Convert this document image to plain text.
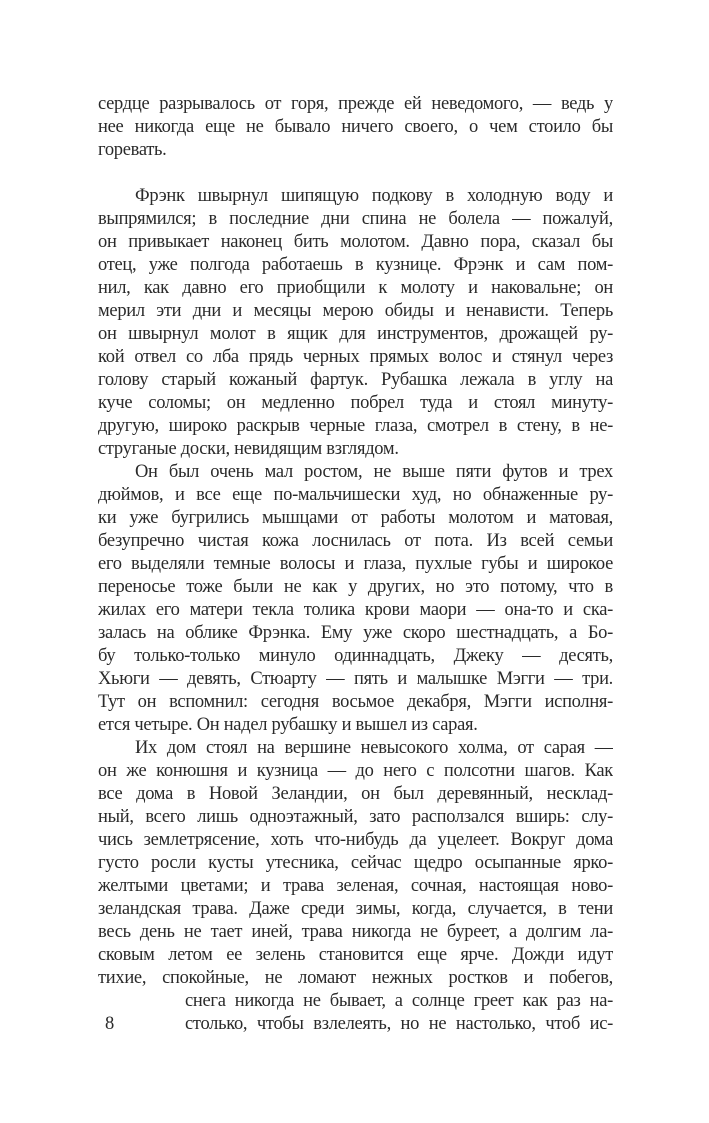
сердце разрывалось от горя, прежде ей неведомого, — ведь у
нее никогда еще не бывало ничего своего, о чем стоило бы
горевать.
Фрэнк швырнул шипящую подкову в холодную воду и
выпрямился; в последние дни спина не болела — пожалуй,
он привыкает наконец бить молотом. Давно пора, сказал бы
отец, уже полгода работаешь в кузнице. Фрэнк и сам пом-
нил, как давно его приобщили к молоту и наковальне; он
мерил эти дни и месяцы мерою обиды и ненависти. Теперь
он швырнул молот в ящик для инструментов, дрожащей ру-
кой отвел со лба прядь черных прямых волос и стянул через
голову старый кожаный фартук. Рубашка лежала в углу на
куче соломы; он медленно побрел туда и стоял минуту-
другую, широко раскрыв черные глаза, смотрел в стену, в не-
струганые доски, невидящим взглядом.
Он был очень мал ростом, не выше пяти футов и трех
дюймов, и все еще по-мальчишески худ, но обнаженные ру-
ки уже бугрились мышцами от работы молотом и матовая,
безупречно чистая кожа лоснилась от пота. Из всей семьи
его выделяли темные волосы и глаза, пухлые губы и широкое
переносье тоже были не как у других, но это потому, что в
жилах его матери текла толика крови маори — она-то и ска-
залась на облике Фрэнка. Ему уже скоро шестнадцать, а Бо-
бу только-только минуло одиннадцать, Джеку — десять,
Хьюги — девять, Стюарту — пять и малышке Мэгги — три.
Тут он вспомнил: сегодня восьмое декабря, Мэгги исполня-
ется четыре. Он надел рубашку и вышел из сарая.
Их дом стоял на вершине невысокого холма, от сарая —
он же конюшня и кузница — до него с полсотни шагов. Как
все дома в Новой Зеландии, он был деревянный, несклад-
ный, всего лишь одноэтажный, зато расползался вширь: слу-
чись землетрясение, хоть что-нибудь да уцелеет. Вокруг дома
густо росли кусты утесника, сейчас щедро осыпанные ярко-
желтыми цветами; и трава зеленая, сочная, настоящая ново-
зеландская трава. Даже среди зимы, когда, случается, в тени
весь день не тает иней, трава никогда не буреет, а долгим ла-
сковым летом ее зелень становится еще ярче. Дожди идут
тихие, спокойные, не ломают нежных ростков и побегов,
снега никогда не бывает, а солнце греет как раз на-
столько, чтобы взлелеять, но не настолько, чтоб ис-
8
